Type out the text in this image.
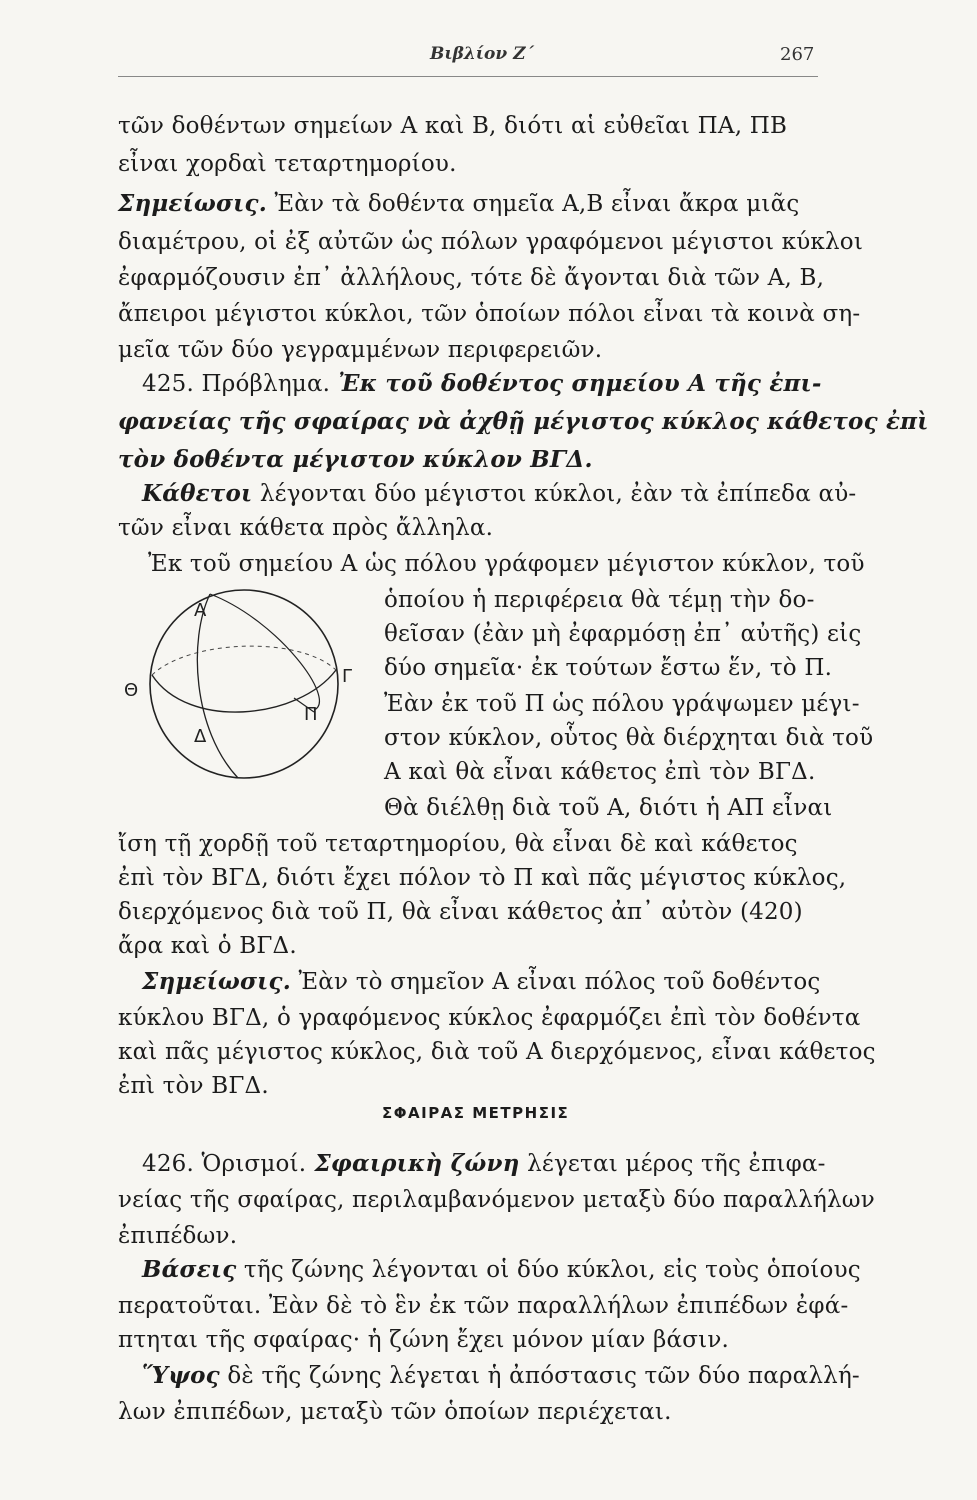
Βιβλίον Ζ΄	267
τῶν δοθέντων σημείων Α καὶ Β, διότι αἱ εὐθεῖαι ΠΑ, ΠΒ
εἶναι χορδαὶ τεταρτημορίου.
Σημείωσις. Ἐὰν τὰ δοθέντα σημεῖα Α,Β εἶναι ἄκρα μιᾶς
διαμέτρου, οἱ ἐξ αὐτῶν ὡς πόλων γραφόμενοι μέγιστοι κύκλοι
ἐφαρμόζουσιν ἐπ᾽ ἀλλήλους, τότε δὲ ἄγονται διὰ τῶν Α, Β,
ἄπειροι μέγιστοι κύκλοι, τῶν ὁποίων πόλοι εἶναι τὰ κοινὰ ση-
μεῖα τῶν δύο γεγραμμένων περιφερειῶν.
425. Πρόβλημα. Ἐκ τοῦ δοθέντος σημείου Α τῆς ἐπι-
φανείας τῆς σφαίρας νὰ ἀχθῇ μέγιστος κύκλος κάθετος ἐπὶ
τὸν δοθέντα μέγιστον κύκλον ΒΓΔ.
Κάθετοι λέγονται δύο μέγιστοι κύκλοι, ἐὰν τὰ ἐπίπεδα αὐ-
τῶν εἶναι κάθετα πρὸς ἄλληλα.
Ἐκ τοῦ σημείου Α ὡς πόλου γράφομεν μέγιστον κύκλον, τοῦ
ὁποίου ἡ περιφέρεια θὰ τέμῃ τὴν δο-
θεῖσαν (ἐὰν μὴ ἐφαρμόσῃ ἐπ᾽ αὐτῆς) εἰς
δύο σημεῖα· ἐκ τούτων ἔστω ἕν, τὸ Π.
Ἐὰν ἐκ τοῦ Π ὡς πόλου γράψωμεν μέγι-
στον κύκλον, οὗτος θὰ διέρχηται διὰ τοῦ
Α καὶ θὰ εἶναι κάθετος ἐπὶ τὸν ΒΓΔ.
Θὰ διέλθῃ διὰ τοῦ Α, διότι ἡ ΑΠ εἶναι
ἴση τῇ χορδῇ τοῦ τεταρτημορίου, θὰ εἶναι δὲ καὶ κάθετος
ἐπὶ τὸν ΒΓΔ, διότι ἔχει πόλον τὸ Π καὶ πᾶς μέγιστος κύκλος,
διερχόμενος διὰ τοῦ Π, θὰ εἶναι κάθετος ἀπ᾽ αὐτὸν (420)
ἄρα καὶ ὁ ΒΓΔ.
Σημείωσις. Ἐὰν τὸ σημεῖον Α εἶναι πόλος τοῦ δοθέντος
κύκλου ΒΓΔ, ὁ γραφόμενος κύκλος ἐφαρμόζει ἐπὶ τὸν δοθέντα
καὶ πᾶς μέγιστος κύκλος, διὰ τοῦ Α διερχόμενος, εἶναι κάθετος
ἐπὶ τὸν ΒΓΔ.
ΣΦΑΙΡΑΣ ΜΕΤΡΗΣΙΣ
426. Ὁρισμοί. Σφαιρικὴ ζώνη λέγεται μέρος τῆς ἐπιφα-
νείας τῆς σφαίρας, περιλαμβανόμενον μεταξὺ δύο παραλλήλων
ἐπιπέδων.
Βάσεις τῆς ζώνης λέγονται οἱ δύο κύκλοι, εἰς τοὺς ὁποίους
περατοῦται. Ἐὰν δὲ τὸ ἓν ἐκ τῶν παραλλήλων ἐπιπέδων ἐφά-
πτηται τῆς σφαίρας· ἡ ζώνη ἔχει μόνον μίαν βάσιν.
Ὕψος δὲ τῆς ζώνης λέγεται ἡ ἀπόστασις τῶν δύο παραλλή-
λων ἐπιπέδων, μεταξὺ τῶν ὁποίων περιέχεται.
Α
Γ
Θ
Δ
Π
